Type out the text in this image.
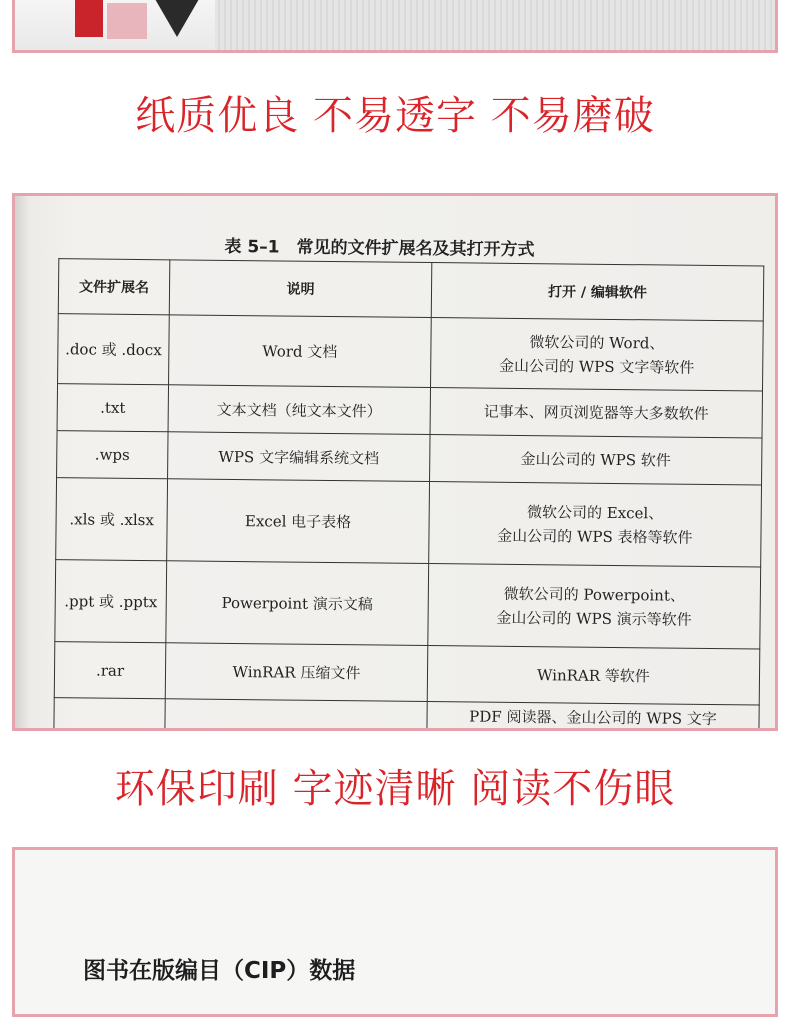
纸质优良 不易透字 不易磨破
表 5–1　常见的文件扩展名及其打开方式
文件扩展名	说明	打开 / 编辑软件
.doc 或 .docx	Word 文档	微软公司的 Word、
金山公司的 WPS 文字等软件

.txt	文本文档（纯文本文件）	记事本、网页浏览器等大多数软件

.wps	WPS 文字编辑系统文档	金山公司的 WPS 软件

.xls 或 .xlsx	Excel 电子表格	微软公司的 Excel、
金山公司的 WPS 表格等软件

.ppt 或 .pptx	Powerpoint 演示文稿	微软公司的 Powerpoint、
金山公司的 WPS 演示等软件

.rar	WinRAR 压缩文件	WinRAR 等软件

		PDF 阅读器、金山公司的 WPS 文字
环保印刷 字迹清晰 阅读不伤眼
图书在版编目（CIP）数据
